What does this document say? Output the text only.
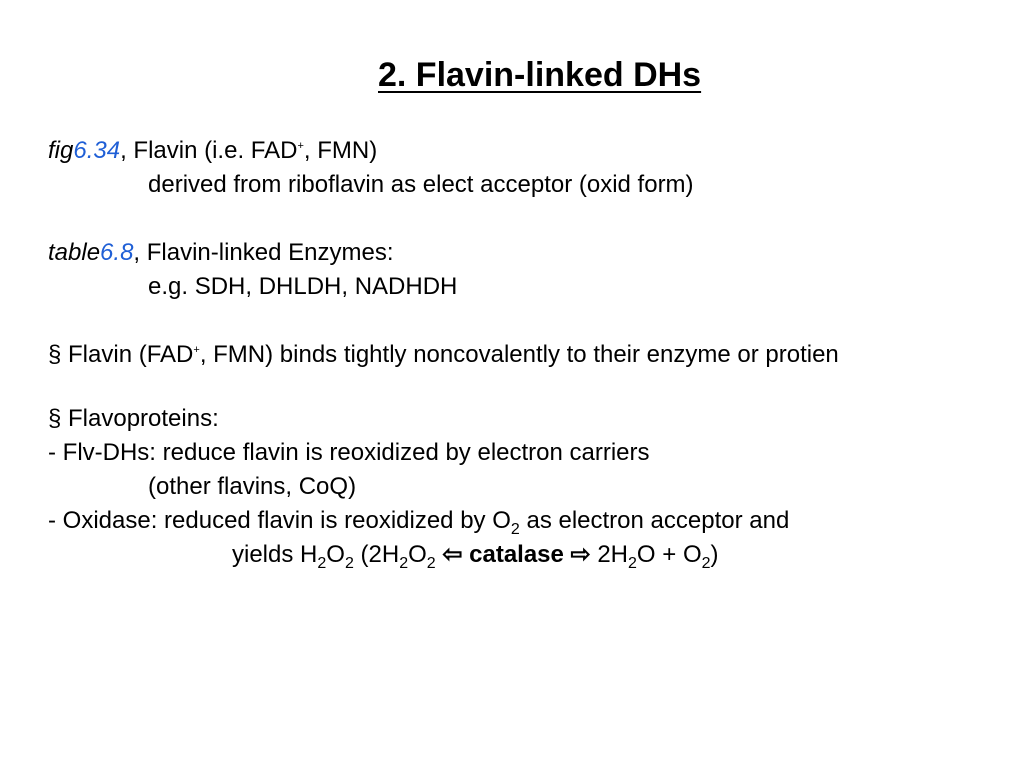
2. Flavin-linked DHs
fig6.34, Flavin (i.e. FAD+, FMN)
derived from riboflavin as elect acceptor (oxid form)
table6.8, Flavin-linked Enzymes:
e.g. SDH, DHLDH, NADHDH
§ Flavin (FAD+, FMN) binds tightly noncovalently to their enzyme or protien
§ Flavoproteins:
- Flv-DHs: reduce flavin is reoxidized by electron carriers
(other flavins, CoQ)
- Oxidase: reduced flavin is reoxidized by $O_2$ as electron acceptor and
yields $H_2O_2$ ($2H_2O_2$ ⇦ catalase ⇨ $2H_2O + O_2$)
